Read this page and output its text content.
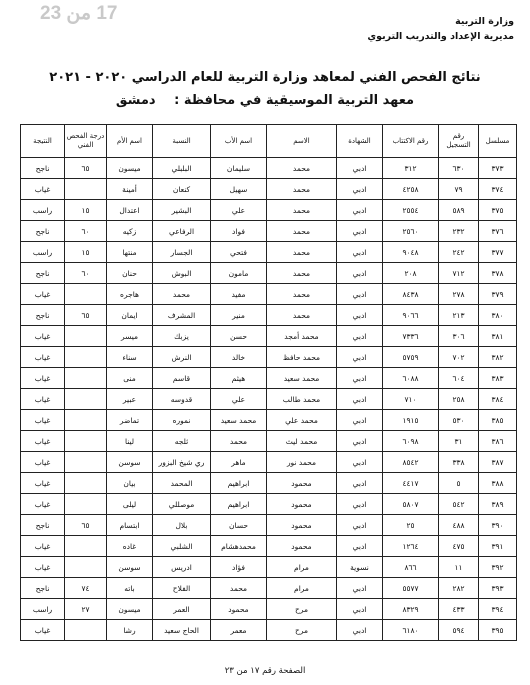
17 من 23	وزارة التربية
مديرية الإعداد والتدريب التربوي
نتائج الفحص الفني لمعاهد وزارة التربية للعام الدراسي ٢٠٢٠ - ٢٠٢١
معهد التربية الموسيقية في محافظة : دمشق
مسلسل	رقم التسجيل	رقم الاكتتاب	الشهادة	الاسم	اسم الأب	النسبة	اسم الأم	درجة الفحص الفني	النتيجة
٣٧٣	٦٣٠	٣١٢	ادبي	محمد	سليمان	البلبلي	ميسون	٦٥	ناجح
٣٧٤	٧٩	٤٢٥٨	ادبي	محمد	سهيل	كنعان	أمينة		غياب
٣٧٥	٥٨٩	٢٥٥٤	ادبي	محمد	علي	البشير	اعتدال	١٥	راسب
٣٧٦	٢٣٢	٢٥٦٠	ادبي	محمد	فواد	الرفاعي	زكيه	٦٠	ناجح
٣٧٧	٢٤٢	٩٠٤٨	ادبي	محمد	فتحي	الجسار	منتها	١٥	راسب
٣٧٨	٧١٢	٢٠٨	ادبي	محمد	مامون	البوش	حنان	٦٠	ناجح
٣٧٩	٢٧٨	٨٤٣٨	ادبي	محمد	مفيد	محمد	هاجره		غياب
٣٨٠	٢١٣	٩٠٦٦	ادبي	محمد	منير	المشرف	ايمان	٦٥	ناجح
٣٨١	٣٠٦	٧٣٣٦	ادبي	محمد أمجد	حسن	يزبك	ميسر		غياب
٣٨٢	٧٠٢	٥٧٥٩	ادبي	محمد حافظ	خالد	النرش	سناء		غياب
٣٨٣	٦٠٤	٦٠٨٨	ادبي	محمد سعيد	هيثم	قاسم	منى		غياب
٣٨٤	٢٥٨	٧١٠	ادبي	محمد طالب	علي	قدوسه	عبير		غياب
٣٨٥	٥٣٠	١٩١٥	ادبي	محمد علي	محمد سعيد	نموره	تماضر		غياب
٣٨٦	٣١	٦٠٩٨	ادبي	محمد ليث	محمد	ثلجه	لينا		غياب
٣٨٧	٣٣٨	٨٥٤٢	ادبي	محمد نور	ماهر	ري شيخ البزور	سوسن		غياب
٣٨٨	٥	٤٤١٧	ادبي	محمود	ابراهيم	المحمد	بيان		غياب
٣٨٩	٥٤٢	٥٨٠٧	ادبي	محمود	ابراهيم	موصللي	ليلى		غياب
٣٩٠	٤٨٨	٢٥	ادبي	محمود	حسان	بلال	ابتسام	٦٥	ناجح
٣٩١	٤٧٥	١٢٦٤	ادبي	محمود	محمدهشام	الشلبي	غاده		غياب
٣٩٢	١١	٨٦٦	نسوية	مرام	فؤاد	ادريس	سوسن		غياب
٣٩٣	٢٨٢	٥٥٧٧	ادبي	مرام	محمد	الفلاح	باته	٧٤	ناجح
٣٩٤	٤٣٣	٨٣٢٩	ادبي	مرح	محمود	العمر	ميسون	٢٧	راسب
٣٩٥	٥٩٤	٦١٨٠	ادبي	مرح	معمر	الحاج سعيد	رشا		غياب
الصفحة رقم ١٧ من ٢٣
